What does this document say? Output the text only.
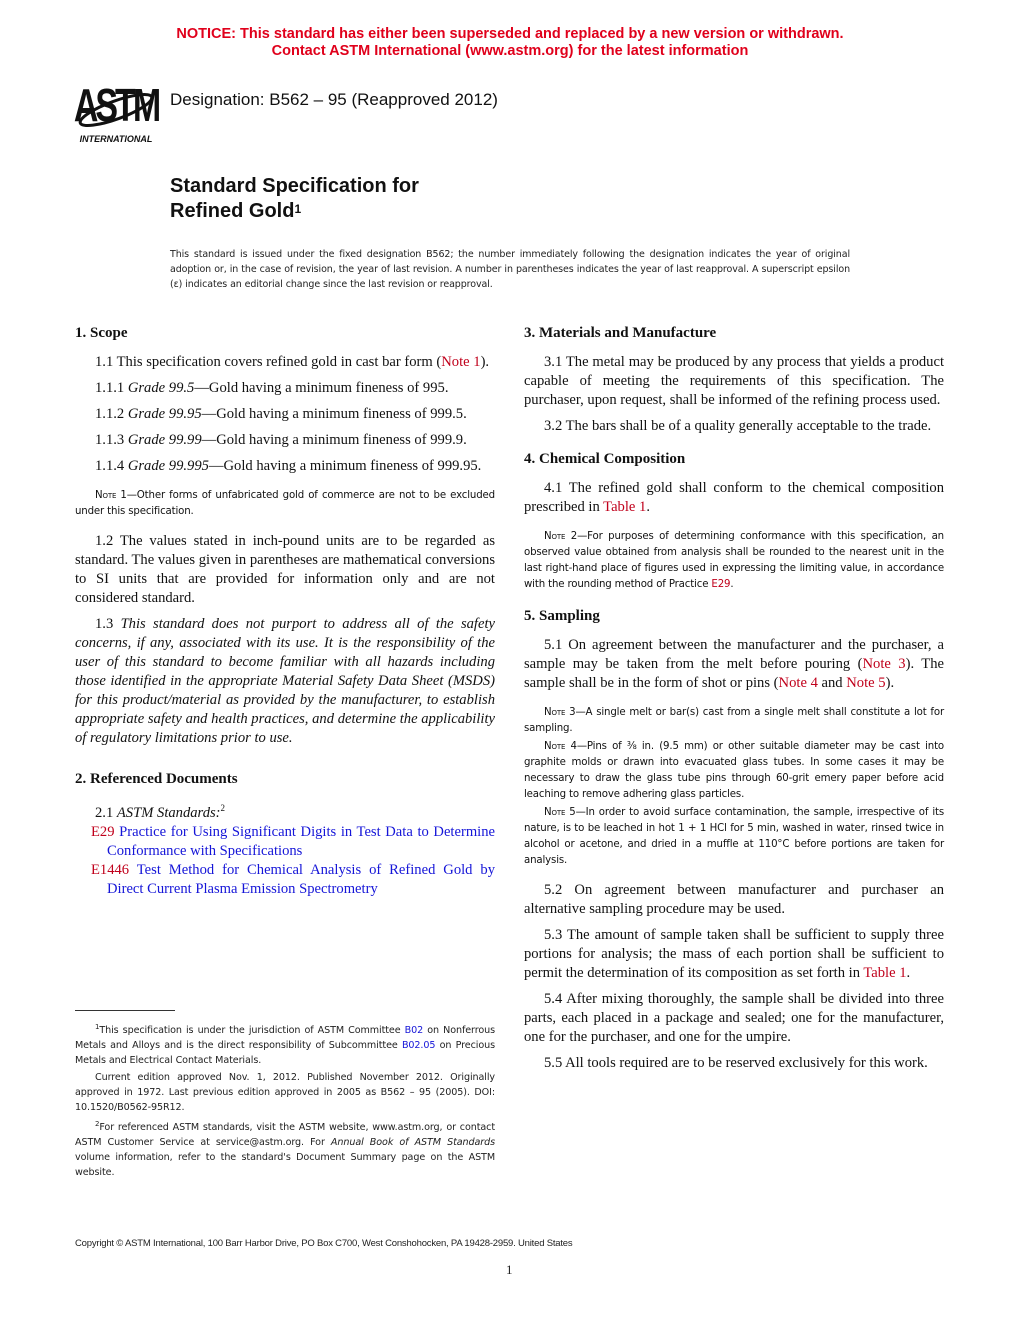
NOTICE: This standard has either been superseded and replaced by a new version or withdrawn.
Contact ASTM International (www.astm.org) for the latest information
ASTM
INTERNATIONAL
Designation: B562 – 95 (Reapproved 2012)
Standard Specification for
Refined Gold$^1$
This standard is issued under the fixed designation B562; the number immediately following the designation indicates the year of original adoption or, in the case of revision, the year of last revision. A number in parentheses indicates the year of last reapproval. A superscript epsilon (ε) indicates an editorial change since the last revision or reapproval.
1. Scope

1.1 This specification covers refined gold in cast bar form (Note 1).

1.1.1 Grade 99.5—Gold having a minimum fineness of 995.

1.1.2 Grade 99.95—Gold having a minimum fineness of 999.5.

1.1.3 Grade 99.99—Gold having a minimum fineness of 999.9.

1.1.4 Grade 99.995—Gold having a minimum fineness of 999.95.

Note 1—Other forms of unfabricated gold of commerce are not to be excluded under this specification.

1.2 The values stated in inch-pound units are to be regarded as standard. The values given in parentheses are mathematical conversions to SI units that are provided for information only and are not considered standard.

1.3 This standard does not purport to address all of the safety concerns, if any, associated with its use. It is the responsibility of the user of this standard to become familiar with all hazards including those identified in the appropriate Material Safety Data Sheet (MSDS) for this product/material as provided by the manufacturer, to establish appropriate safety and health practices, and determine the applicability of regulatory limitations prior to use.

2. Referenced Documents

2.1 ASTM Standards:$^2$

E29 Practice for Using Significant Digits in Test Data to Determine Conformance with Specifications

E1446 Test Method for Chemical Analysis of Refined Gold by Direct Current Plasma Emission Spectrometry

$^1$This specification is under the jurisdiction of ASTM Committee B02 on Nonferrous Metals and Alloys and is the direct responsibility of Subcommittee B02.05 on Precious Metals and Electrical Contact Materials.

Current edition approved Nov. 1, 2012. Published November 2012. Originally approved in 1972. Last previous edition approved in 2005 as B562 – 95 (2005). DOI: 10.1520/B0562-95R12.

$^2$For referenced ASTM standards, visit the ASTM website, www.astm.org, or contact ASTM Customer Service at service@astm.org. For Annual Book of ASTM Standards volume information, refer to the standard's Document Summary page on the ASTM website.

3. Materials and Manufacture

3.1 The metal may be produced by any process that yields a product capable of meeting the requirements of this specification. The purchaser, upon request, shall be informed of the refining process used.

3.2 The bars shall be of a quality generally acceptable to the trade.

4. Chemical Composition

4.1 The refined gold shall conform to the chemical composition prescribed in Table 1.

Note 2—For purposes of determining conformance with this specification, an observed value obtained from analysis shall be rounded to the nearest unit in the last right-hand place of figures used in expressing the limiting value, in accordance with the rounding method of Practice E29.
5. Sampling

5.1 On agreement between the manufacturer and the purchaser, a sample may be taken from the melt before pouring (Note 3). The sample shall be in the form of shot or pins (Note 4 and Note 5).

Note 3—A single melt or bar(s) cast from a single melt shall constitute a lot for sampling.
Note 4—Pins of ⅜ in. (9.5 mm) or other suitable diameter may be cast into graphite molds or drawn into evacuated glass tubes. In some cases it may be necessary to draw the glass tube pins through 60-grit emery paper before acid leaching to remove adhering glass particles.
Note 5—In order to avoid surface contamination, the sample, irrespective of its nature, is to be leached in hot 1 + 1 HCl for 5 min, washed in water, rinsed twice in alcohol or acetone, and dried in a muffle at 110°C before portions are taken for analysis.

5.2 On agreement between manufacturer and purchaser an alternative sampling procedure may be used.

5.3 The amount of sample taken shall be sufficient to supply three portions for analysis; the mass of each portion shall be sufficient to permit the determination of its composition as set forth in Table 1.

5.4 After mixing thoroughly, the sample shall be divided into three parts, each placed in a package and sealed; one for the manufacturer, one for the purchaser, and one for the umpire.

5.5 All tools required are to be reserved exclusively for this work.

Copyright © ASTM International, 100 Barr Harbor Drive, PO Box C700, West Conshohocken, PA 19428-2959. United States
1
